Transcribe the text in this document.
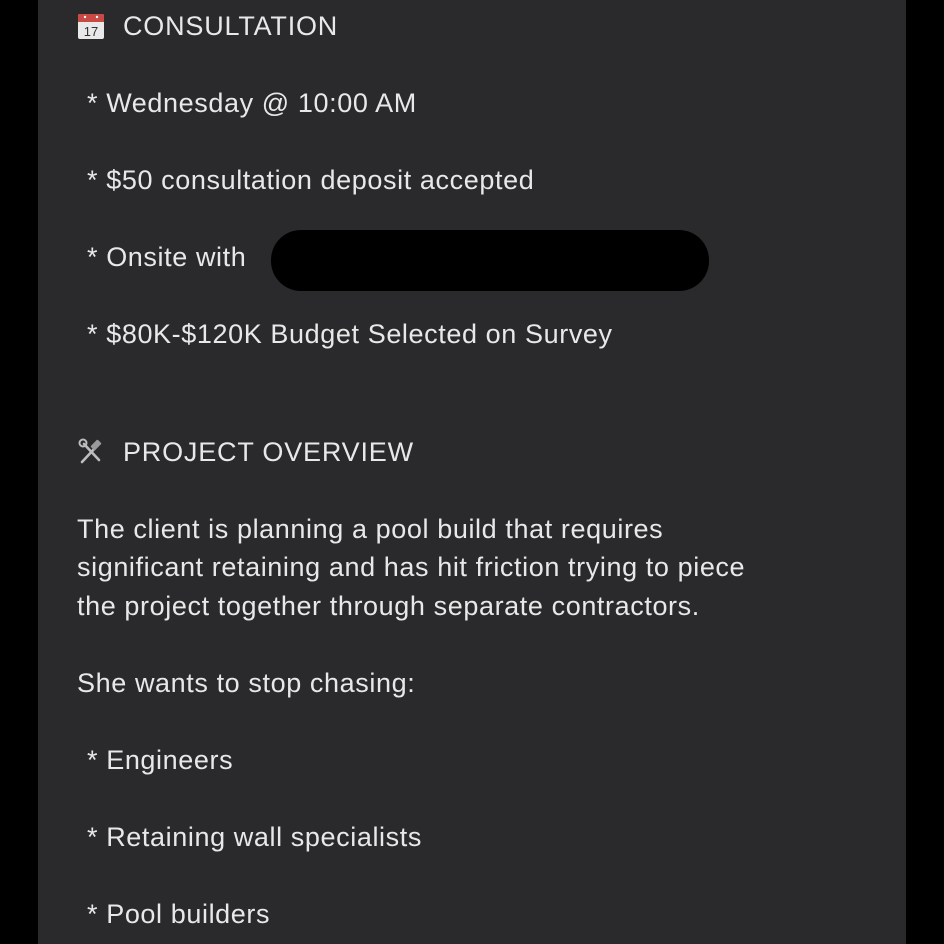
17 CONSULTATION
* Wednesday @ 10:00 AM
* $50 consultation deposit accepted
* Onsite with
* $80K-$120K Budget Selected on Survey
PROJECT OVERVIEW
The client is planning a pool build that requires
significant retaining and has hit friction trying to piece
the project together through separate contractors.
She wants to stop chasing:
* Engineers
* Retaining wall specialists
* Pool builders
